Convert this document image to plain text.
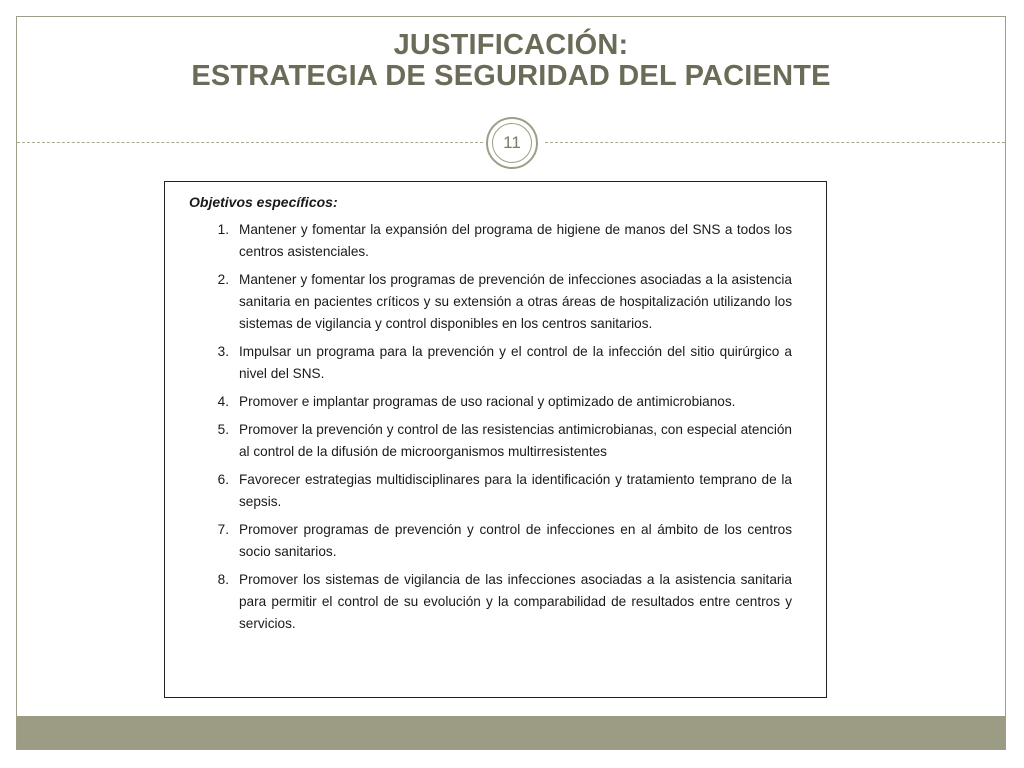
JUSTIFICACIÓN:
ESTRATEGIA DE SEGURIDAD DEL PACIENTE
11
Objetivos específicos:
1. Mantener y fomentar la expansión del programa de higiene de manos del SNS a todos los centros asistenciales.
2. Mantener y fomentar los programas de prevención de infecciones asociadas a la asistencia sanitaria en pacientes críticos y su extensión a otras áreas de hospitalización utilizando los sistemas de vigilancia y control disponibles en los centros sanitarios.
3. Impulsar un programa para la prevención y el control de la infección del sitio quirúrgico a nivel del SNS.
4. Promover e implantar programas de uso racional y optimizado de antimicrobianos.
5. Promover la prevención y control de las resistencias antimicrobianas, con especial atención al control de la difusión de microorganismos multirresistentes
6. Favorecer estrategias multidisciplinares para la identificación y tratamiento temprano de la sepsis.
7. Promover programas de prevención y control de infecciones en al ámbito de los centros socio sanitarios.
8. Promover los sistemas de vigilancia de las infecciones asociadas a la asistencia sanitaria para permitir el control de su evolución y la comparabilidad de resultados entre centros y servicios.
